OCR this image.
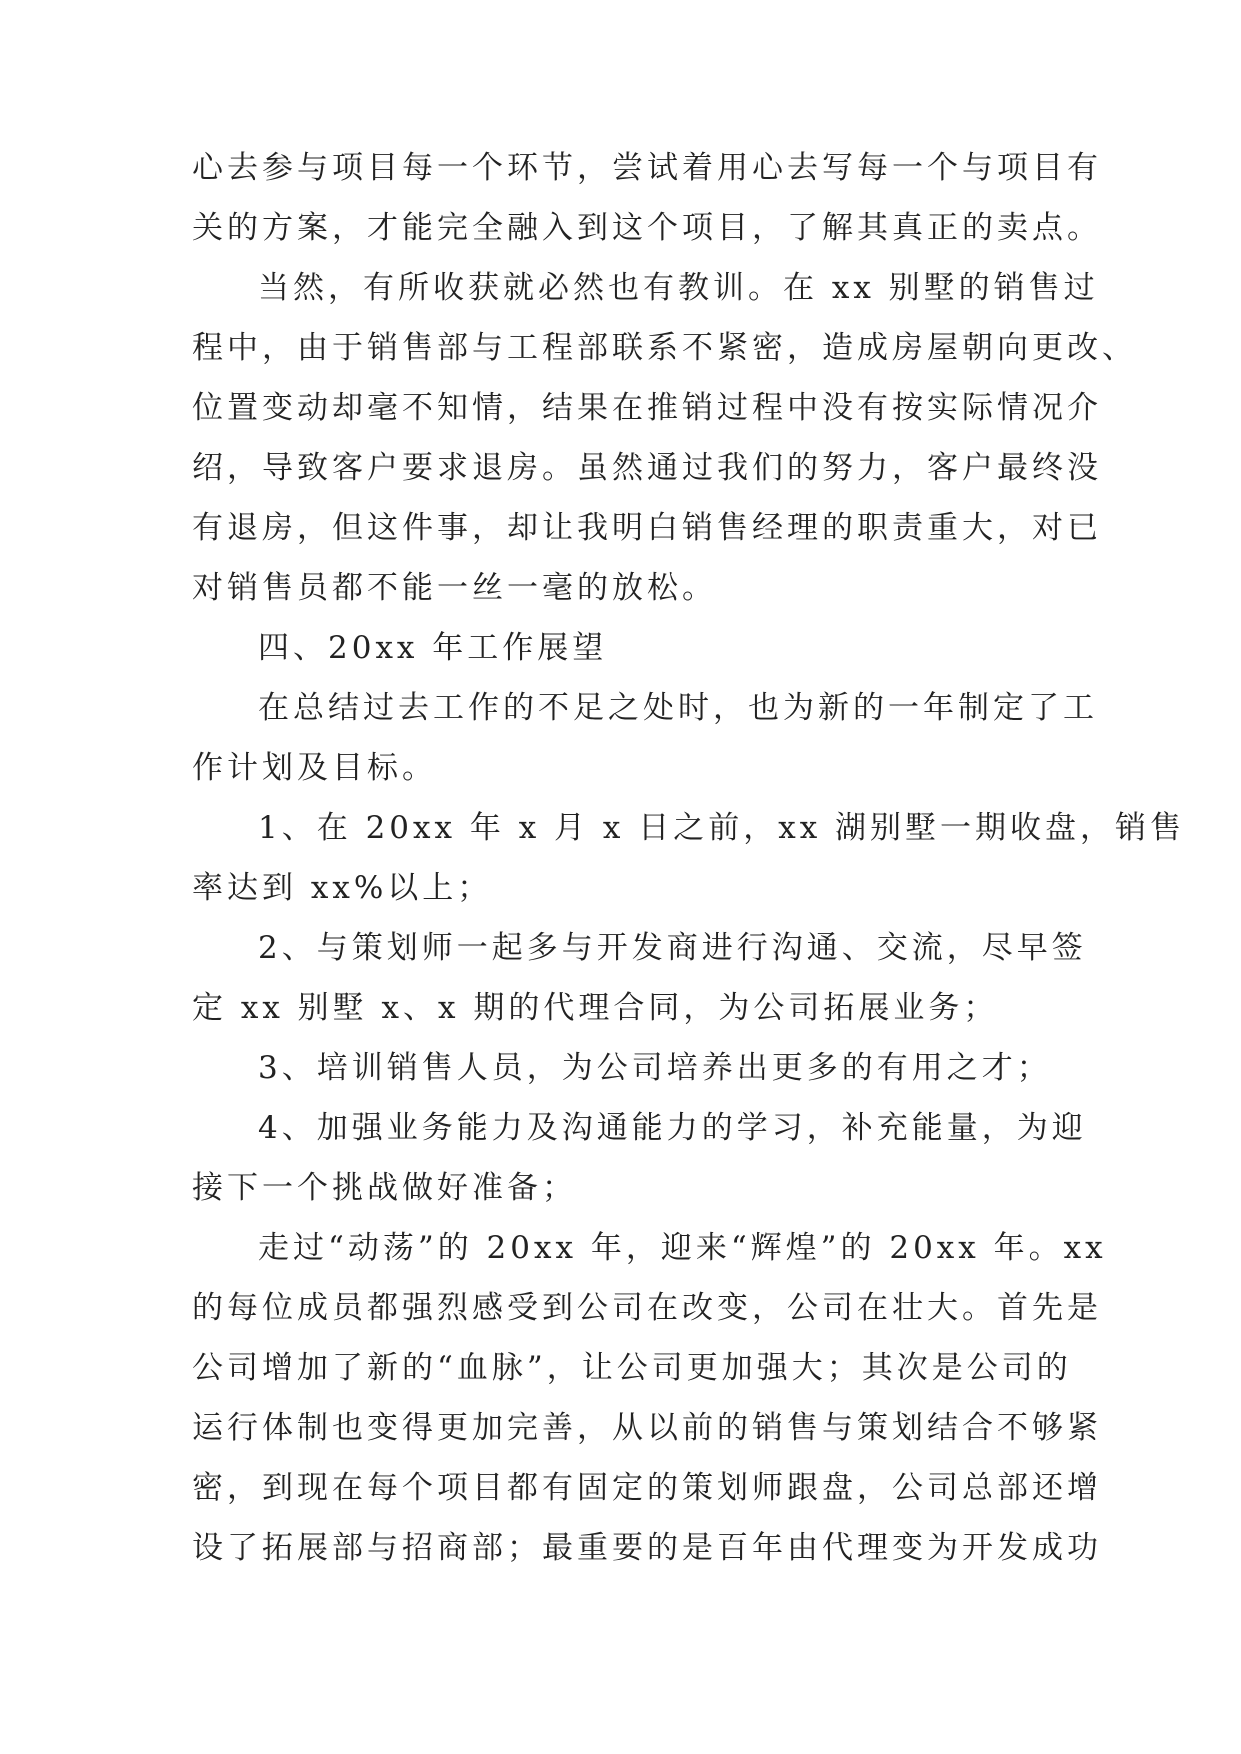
心去参与项目每一个环节，尝试着用心去写每一个与项目有
关的方案，才能完全融入到这个项目，了解其真正的卖点。
当然，有所收获就必然也有教训。在 xx 别墅的销售过
程中，由于销售部与工程部联系不紧密，造成房屋朝向更改、
位置变动却毫不知情，结果在推销过程中没有按实际情况介
绍，导致客户要求退房。虽然通过我们的努力，客户最终没
有退房，但这件事，却让我明白销售经理的职责重大，对已
对销售员都不能一丝一毫的放松。
四、20xx 年工作展望
在总结过去工作的不足之处时，也为新的一年制定了工
作计划及目标。
1、在 20xx 年 x 月 x 日之前，xx 湖别墅一期收盘，销售
率达到 xx%以上；
2、与策划师一起多与开发商进行沟通、交流，尽早签
定 xx 别墅 x、x 期的代理合同，为公司拓展业务；
3、培训销售人员，为公司培养出更多的有用之才；
4、加强业务能力及沟通能力的学习，补充能量，为迎
接下一个挑战做好准备；
走过“动荡”的 20xx 年，迎来“辉煌”的 20xx 年。xx
的每位成员都强烈感受到公司在改变，公司在壮大。首先是
公司增加了新的“血脉”，让公司更加强大；其次是公司的
运行体制也变得更加完善，从以前的销售与策划结合不够紧
密，到现在每个项目都有固定的策划师跟盘，公司总部还增
设了拓展部与招商部；最重要的是百年由代理变为开发成功
